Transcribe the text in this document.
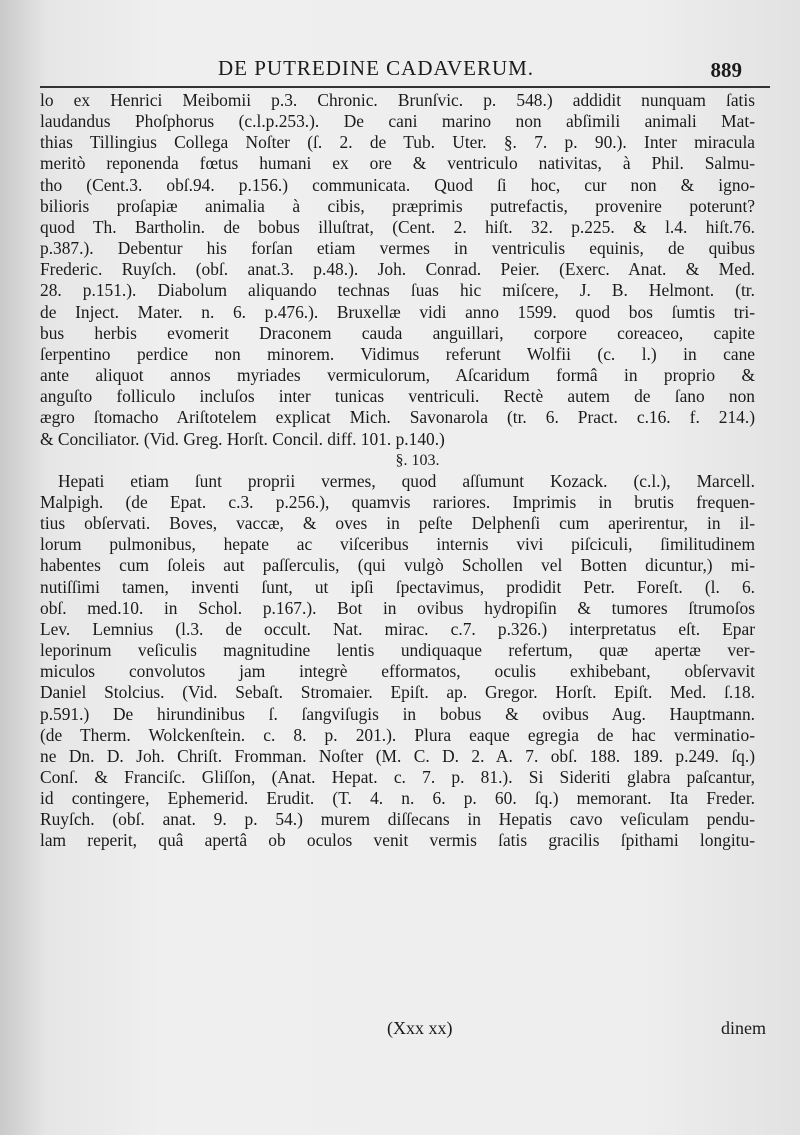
DE PUTREDINE CADAVERUM.	889
lo ex Henrici Meibomii p.3. Chronic. Brunſvic. p. 548.) addidit nunquam ſatis
laudandus Phoſphorus (c.l.p.253.). De cani marino non abſimili animali Mat-
thias Tillingius Collega Noſter (ſ. 2. de Tub. Uter. §. 7. p. 90.). Inter miracula
meritò reponenda fœtus humani ex ore & ventriculo nativitas, à Phil. Salmu-
tho (Cent.3. obſ.94. p.156.) communicata. Quod ſi hoc, cur non & igno-
bilioris proſapiæ animalia à cibis, præprimis putrefactis, provenire poterunt?
quod Th. Bartholin. de bobus illuſtrat, (Cent. 2. hiſt. 32. p.225. & l.4. hiſt.76.
p.387.). Debentur his forſan etiam vermes in ventriculis equinis, de quibus
Frederic. Ruyſch. (obſ. anat.3. p.48.). Joh. Conrad. Peier. (Exerc. Anat. & Med.
28. p.151.). Diabolum aliquando technas ſuas hic miſcere, J. B. Helmont. (tr.
de Inject. Mater. n. 6. p.476.). Bruxellæ vidi anno 1599. quod bos ſumtis tri-
bus herbis evomerit Draconem cauda anguillari, corpore coreaceo, capite
ſerpentino perdice non minorem. Vidimus referunt Wolfii (c. l.) in cane
ante aliquot annos myriades vermiculorum, Aſcaridum formâ in proprio &
anguſto folliculo incluſos inter tunicas ventriculi. Rectè autem de ſano non
ægro ſtomacho Ariſtotelem explicat Mich. Savonarola (tr. 6. Pract. c.16. f. 214.)
& Conciliator. (Vid. Greg. Horſt. Concil. diff. 101. p.140.)
§. 103.
Hepati etiam ſunt proprii vermes, quod aſſumunt Kozack. (c.l.), Marcell.
Malpigh. (de Epat. c.3. p.256.), quamvis rariores. Imprimis in brutis frequen-
tius obſervati. Boves, vaccæ, & oves in peſte Delphenſi cum aperirentur, in il-
lorum pulmonibus, hepate ac viſceribus internis vivi piſciculi, ſimilitudinem
habentes cum ſoleis aut paſſerculis, (qui vulgò Schollen vel Botten dicuntur,) mi-
nutiſſimi tamen, inventi ſunt, ut ipſi ſpectavimus, prodidit Petr. Foreſt. (l. 6.
obſ. med.10. in Schol. p.167.). Bot in ovibus hydropiſin & tumores ſtrumoſos
Lev. Lemnius (l.3. de occult. Nat. mirac. c.7. p.326.) interpretatus eſt. Epar
leporinum veſiculis magnitudine lentis undiquaque refertum, quæ apertæ ver-
miculos convolutos jam integrè efformatos, oculis exhibebant, obſervavit
Daniel Stolcius. (Vid. Sebaſt. Stromaier. Epiſt. ap. Gregor. Horſt. Epiſt. Med. ſ.18.
p.591.) De hirundinibus ſ. ſangviſugis in bobus & ovibus Aug. Hauptmann.
(de Therm. Wolckenſtein. c. 8. p. 201.). Plura eaque egregia de hac verminatio-
ne Dn. D. Joh. Chriſt. Fromman. Noſter (M. C. D. 2. A. 7. obſ. 188. 189. p.249. ſq.)
Conſ. & Franciſc. Gliſſon, (Anat. Hepat. c. 7. p. 81.). Si Sideriti glabra paſcantur,
id contingere, Ephemerid. Erudit. (T. 4. n. 6. p. 60. ſq.) memorant. Ita Freder.
Ruyſch. (obſ. anat. 9. p. 54.) murem diſſecans in Hepatis cavo veſiculam pendu-
lam reperit, quâ apertâ ob oculos venit vermis ſatis gracilis ſpithami longitu-
(Xxx xx)	dinem
